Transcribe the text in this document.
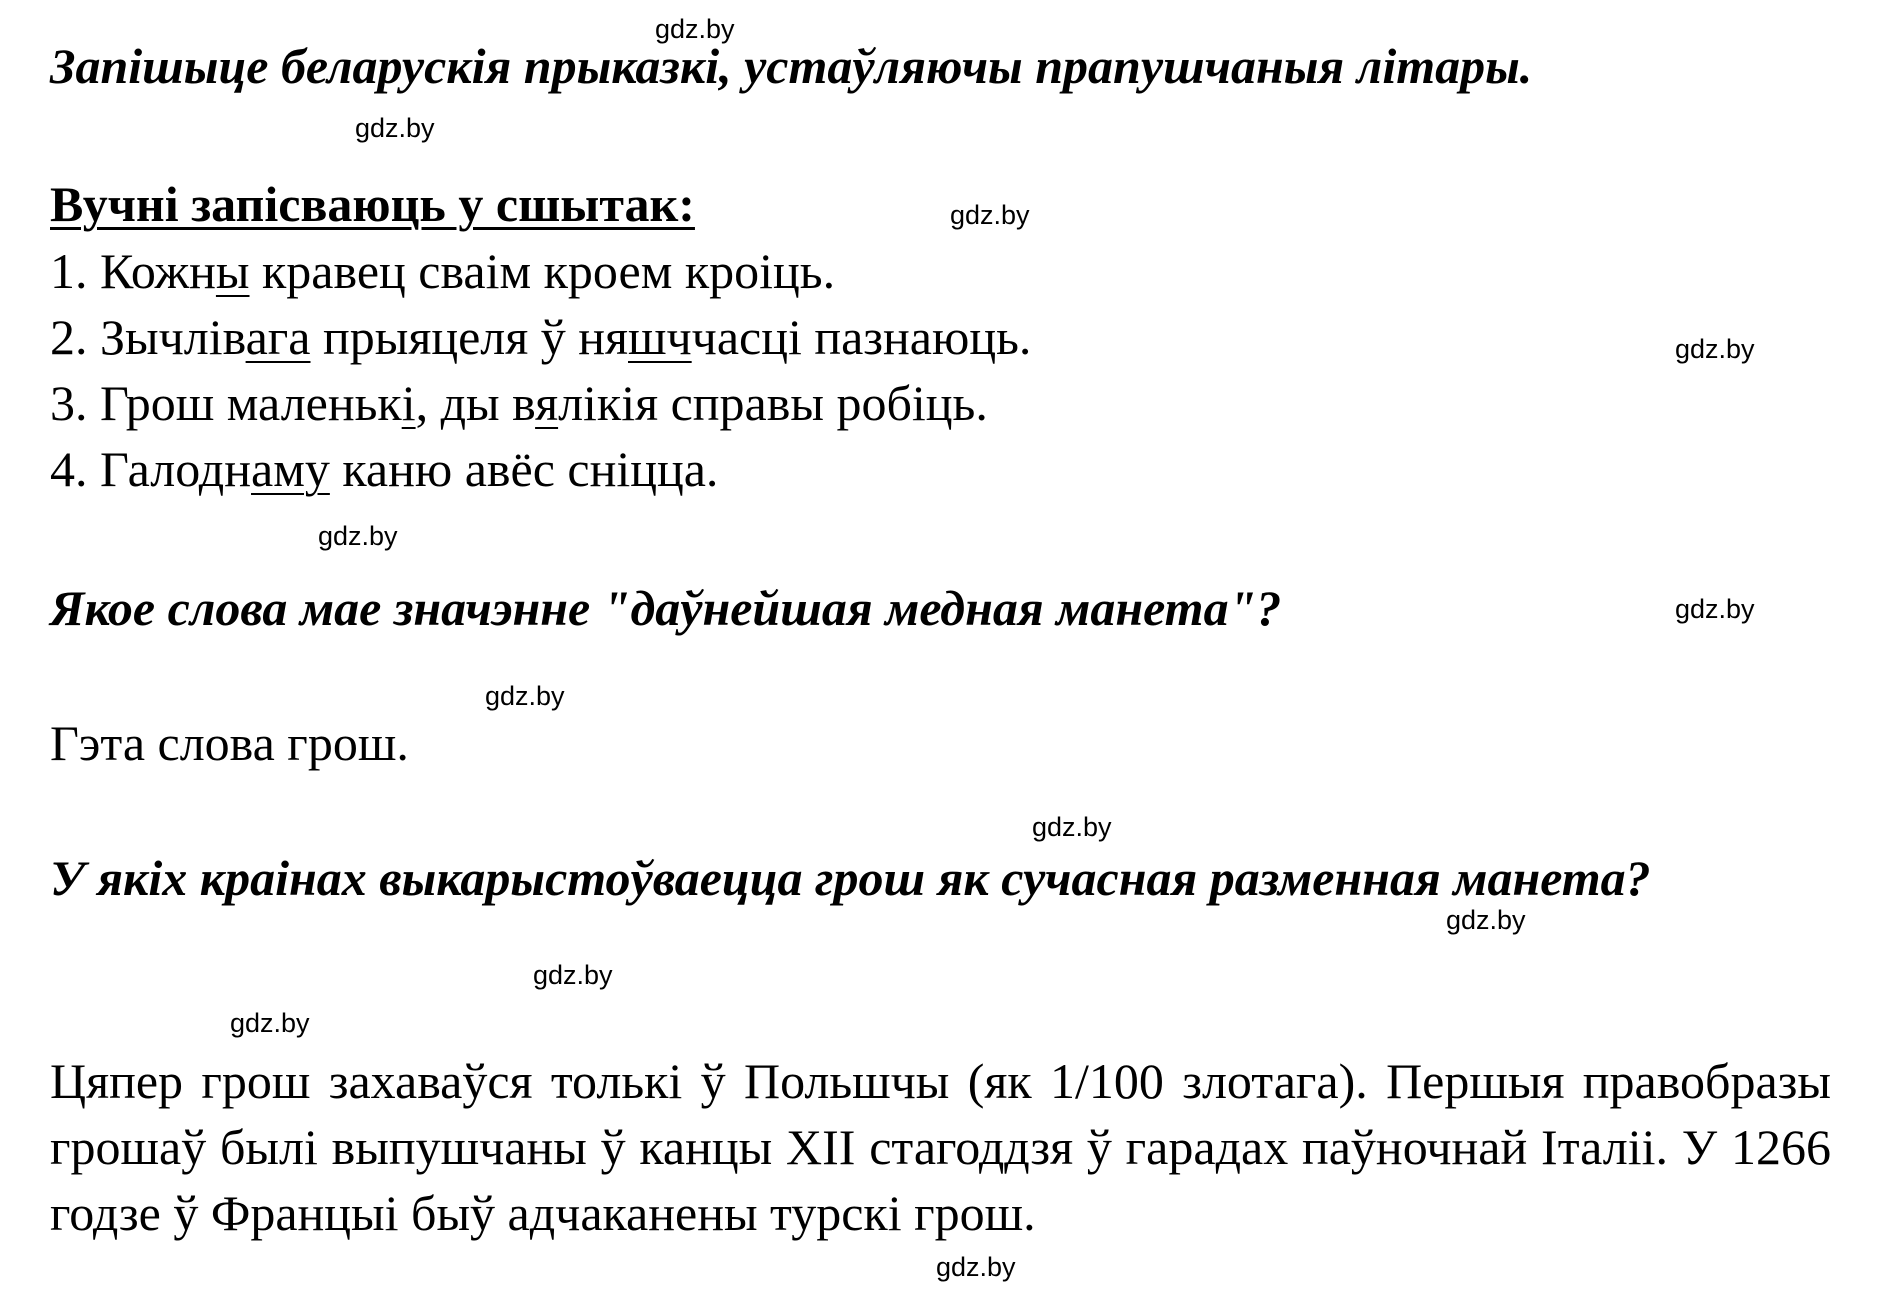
Запішыце беларускія прыказкі, устаўляючы прапушчаныя літары.
Вучні запісваюць у сшытак:
1. Кожны кравец сваім кроем кроіць.
2. Зычлівага прыяцеля ў няшччасці пазнаюць.
3. Грош маленькі, ды вялікія справы робіць.
4. Галоднаму каню авёс сніцца.
Якое слова мае значэнне "даўнейшая медная манета"?
Гэта слова грош.
У якіх краінах выкарыстоўваецца грош як сучасная разменная манета?
Цяпер грош захаваўся толькі ў Польшчы (як 1/100 злотага). Першыя правобразы грошаў былі выпушчаны ў канцы XII стагоддзя ў гарадах паўночнай Італіі. У 1266 годзе ў Францыі быў адчаканены турскі грош.
gdz.by
gdz.by
gdz.by
gdz.by
gdz.by
gdz.by
gdz.by
gdz.by
gdz.by
gdz.by
gdz.by
gdz.by
